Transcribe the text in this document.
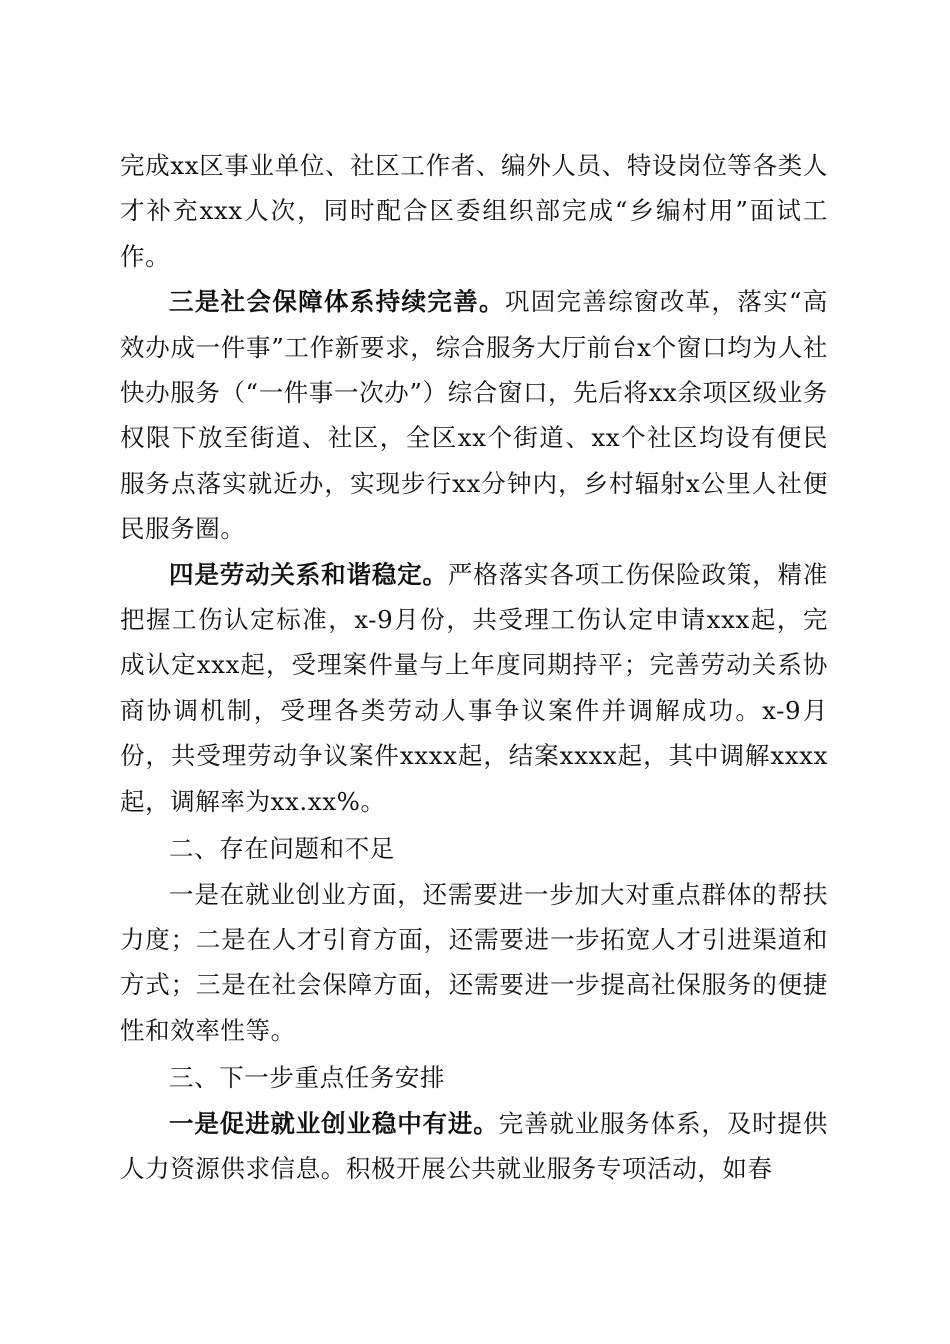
完成xx区事业单位、社区工作者、编外人员、特设岗位等各类人才补充xxx人次，同时配合区委组织部完成“乡编村用”面试工作。

三是社会保障体系持续完善。巩固完善综窗改革，落实“高效办成一件事”工作新要求，综合服务大厅前台x个窗口均为人社快办服务（“一件事一次办”）综合窗口，先后将xx余项区级业务权限下放至街道、社区，全区xx个街道、xx个社区均设有便民服务点落实就近办，实现步行xx分钟内，乡村辐射x公里人社便民服务圈。

四是劳动关系和谐稳定。严格落实各项工伤保险政策，精准把握工伤认定标准，x-9月份，共受理工伤认定申请xxx起，完成认定xxx起，受理案件量与上年度同期持平；完善劳动关系协商协调机制，受理各类劳动人事争议案件并调解成功。x-9月份，共受理劳动争议案件xxxx起，结案xxxx起，其中调解xxxx起，调解率为xx.xx%。

二、存在问题和不足

一是在就业创业方面，还需要进一步加大对重点群体的帮扶力度；二是在人才引育方面，还需要进一步拓宽人才引进渠道和方式；三是在社会保障方面，还需要进一步提高社保服务的便捷性和效率性等。

三、下一步重点任务安排

一是促进就业创业稳中有进。完善就业服务体系，及时提供人力资源供求信息。积极开展公共就业服务专项活动，如春
